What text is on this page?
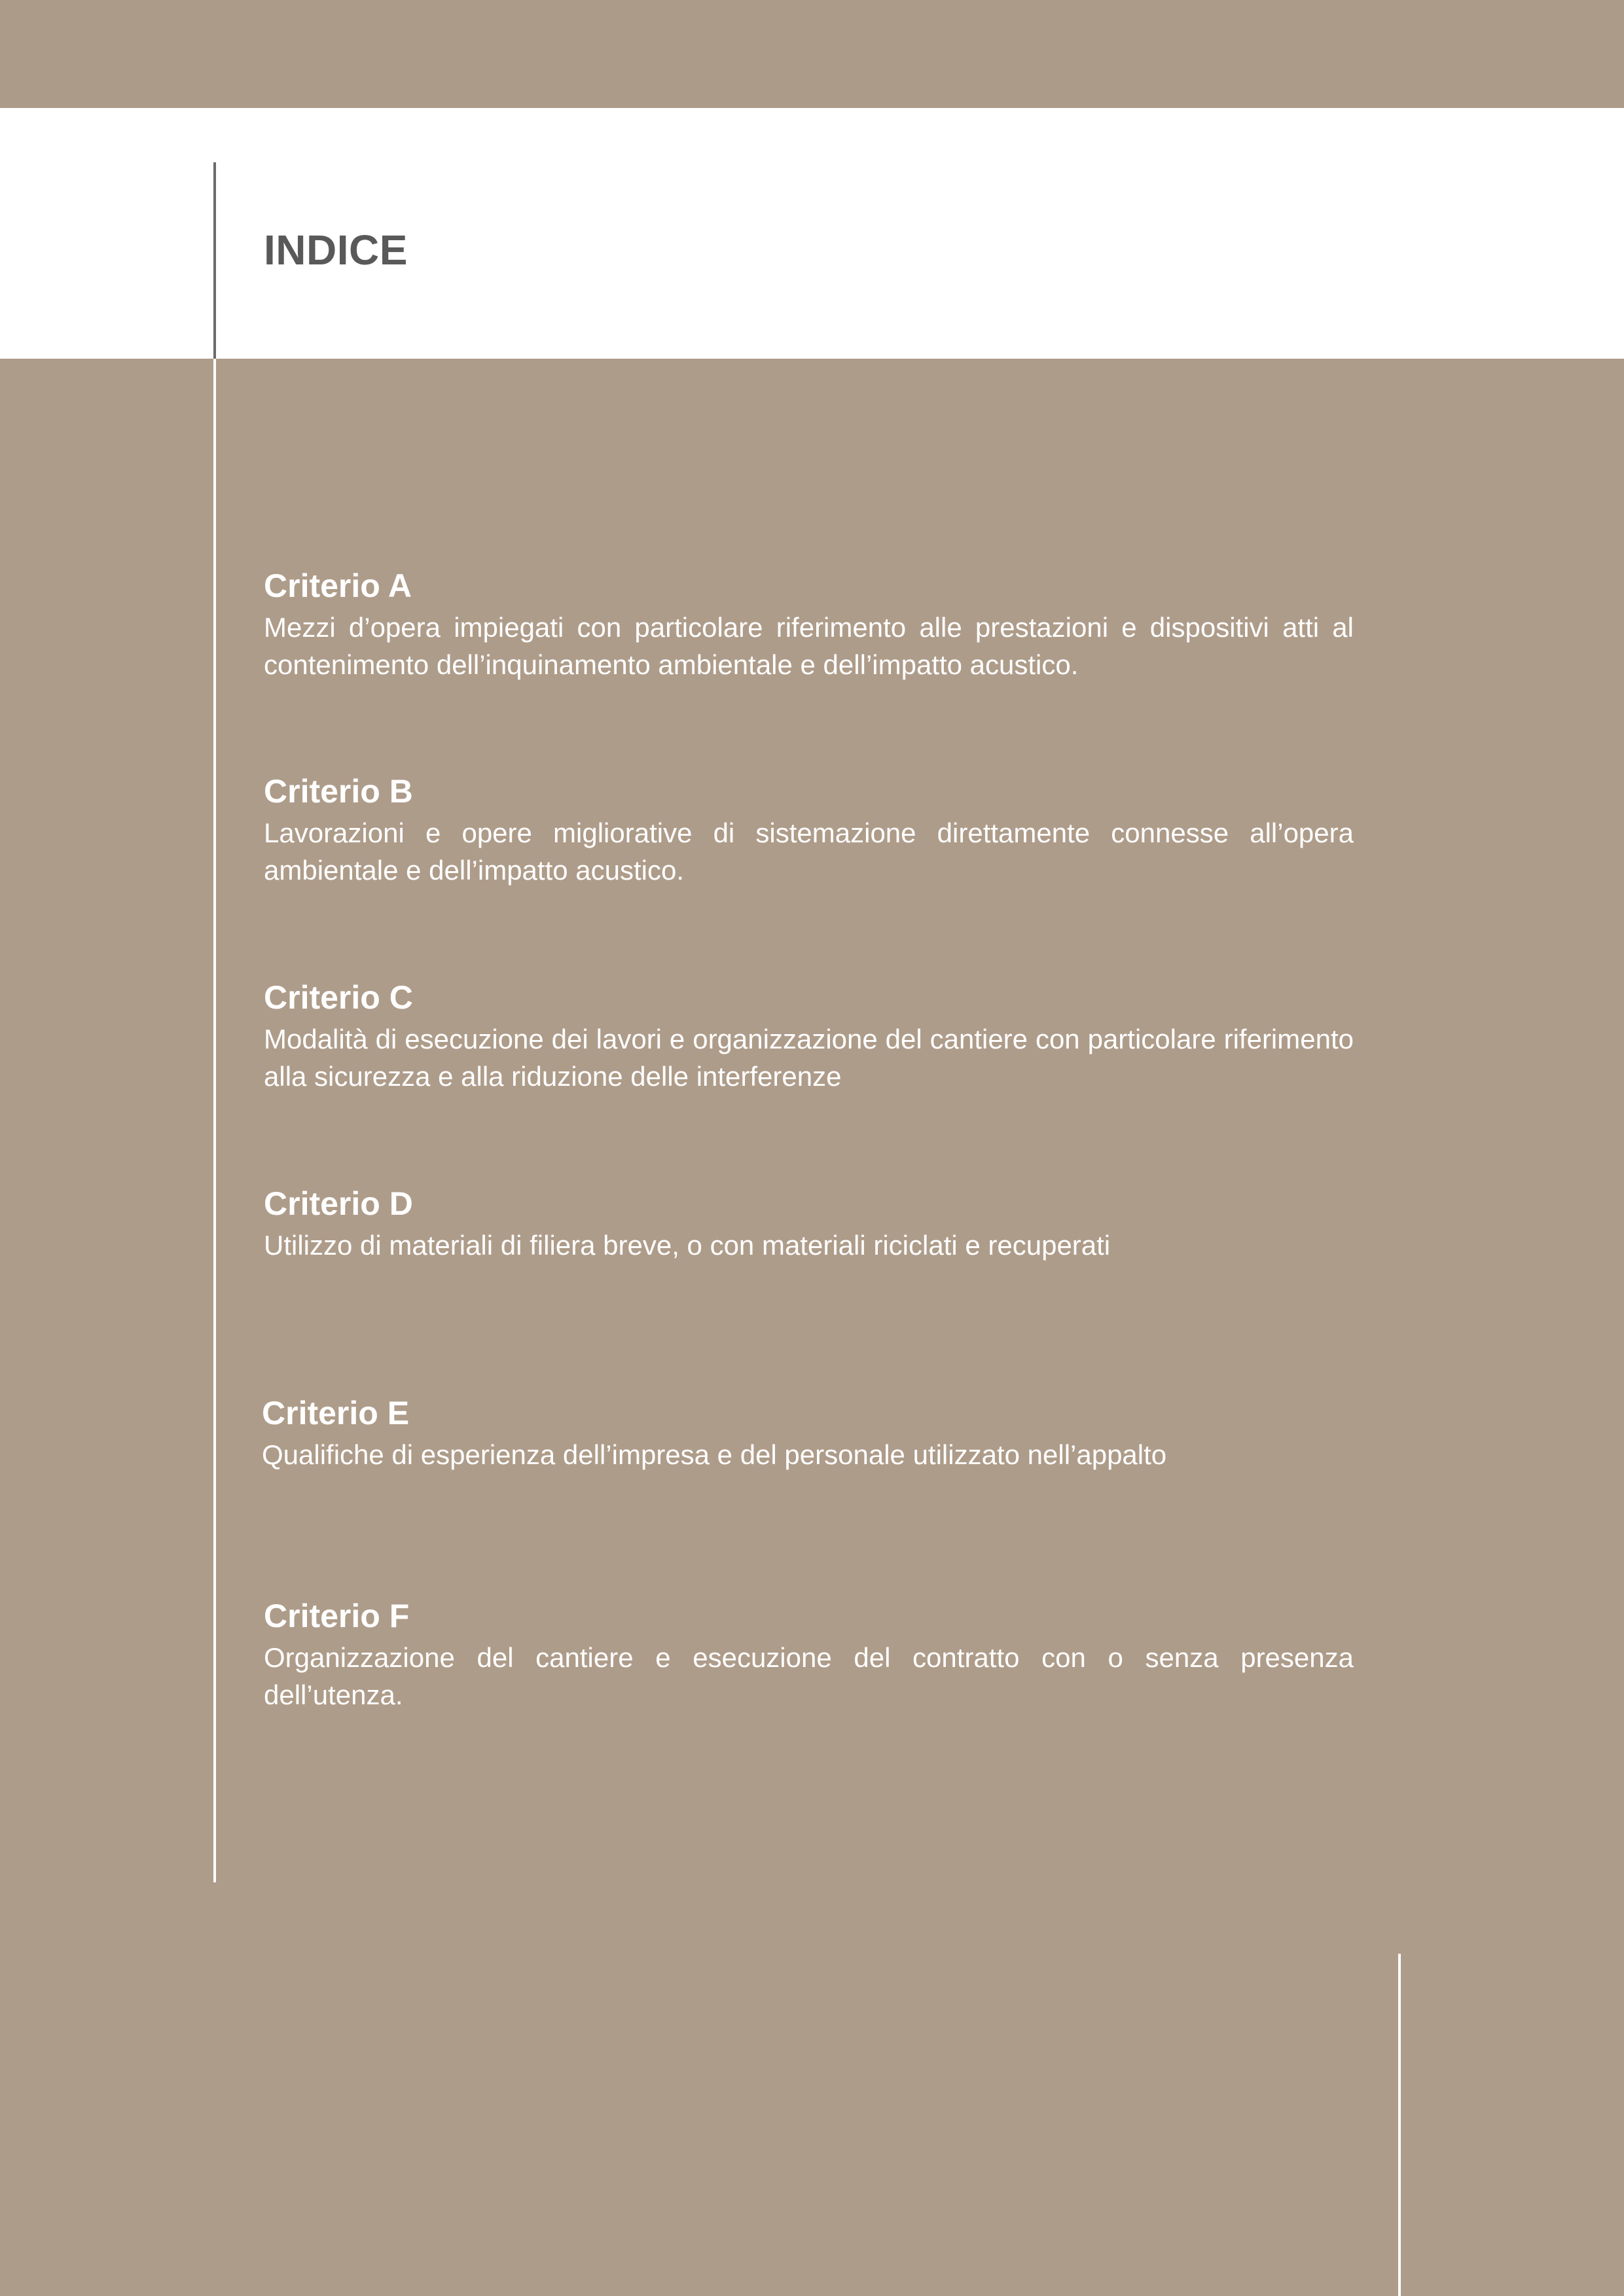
INDICE
Criterio A

Mezzi d’opera impiegati con particolare riferimento alle prestazioni e dispositivi atti al contenimento dell’inquinamento ambientale e dell’impatto acustico.

Criterio B

Lavorazioni e opere migliorative di sistemazione direttamente connesse all’opera ambientale e dell’impatto acustico.

Criterio C

Modalità di esecuzione dei lavori e organizzazione del cantiere con particolare riferimento alla sicurezza e alla riduzione delle interferenze

Criterio D

Utilizzo di materiali di filiera breve, o con materiali riciclati e recuperati

Criterio E

Qualifiche di esperienza dell’impresa e del personale utilizzato nell’appalto

Criterio F

Organizzazione del cantiere e esecuzione del contratto con o senza presenza dell’utenza.
